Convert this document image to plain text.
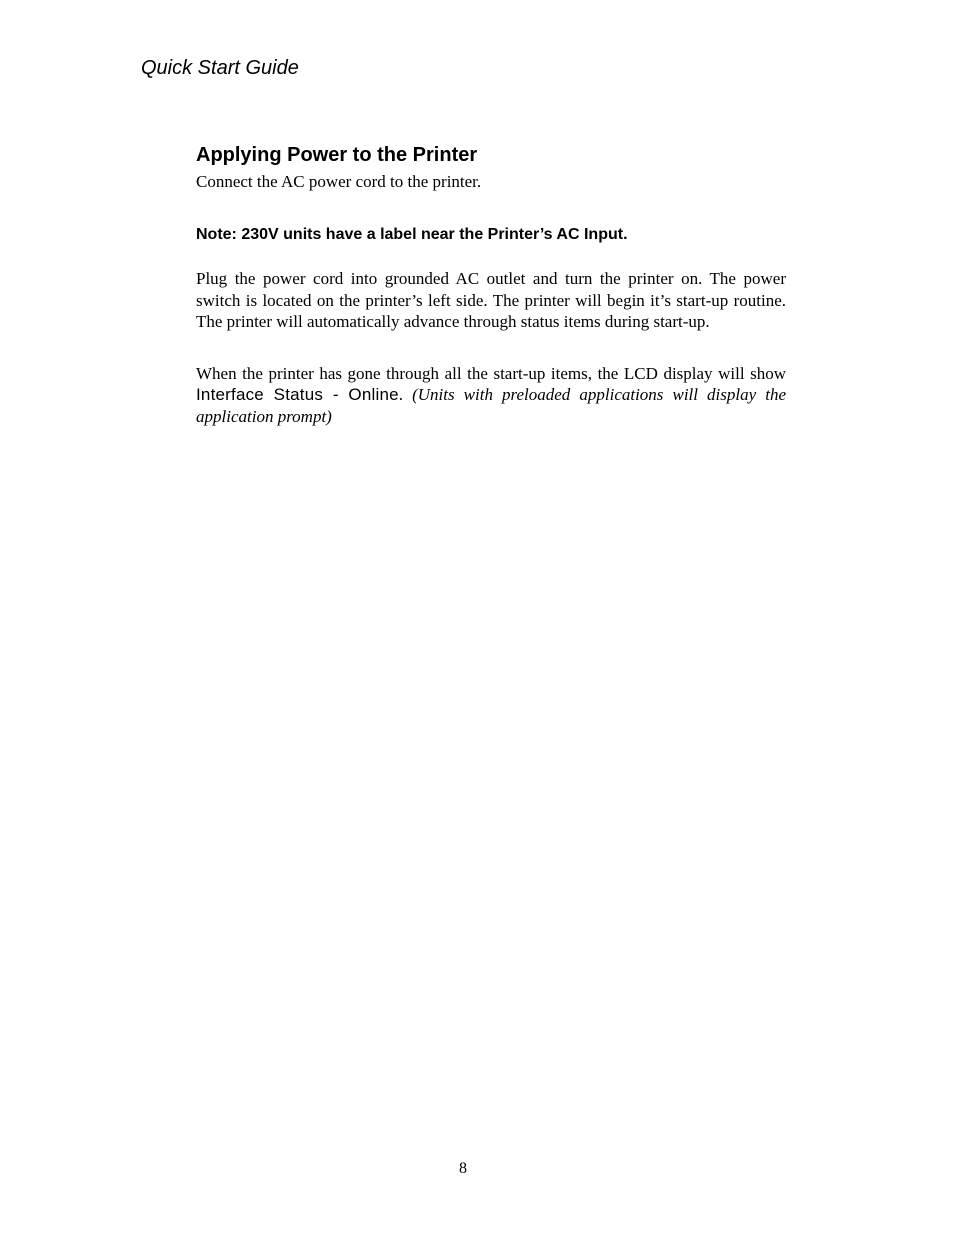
Quick Start Guide
Applying Power to the Printer

Connect the AC power cord to the printer.

Note: 230V units have a label near the Printer’s AC Input.

Plug the power cord into grounded AC outlet and turn the printer on. The power switch is located on the printer’s left side. The printer will begin it’s start-up routine. The printer will automatically advance through status items during start-up.

When the printer has gone through all the start-up items, the LCD display will show Interface Status - Online. (Units with preloaded applications will display the application prompt)

8
